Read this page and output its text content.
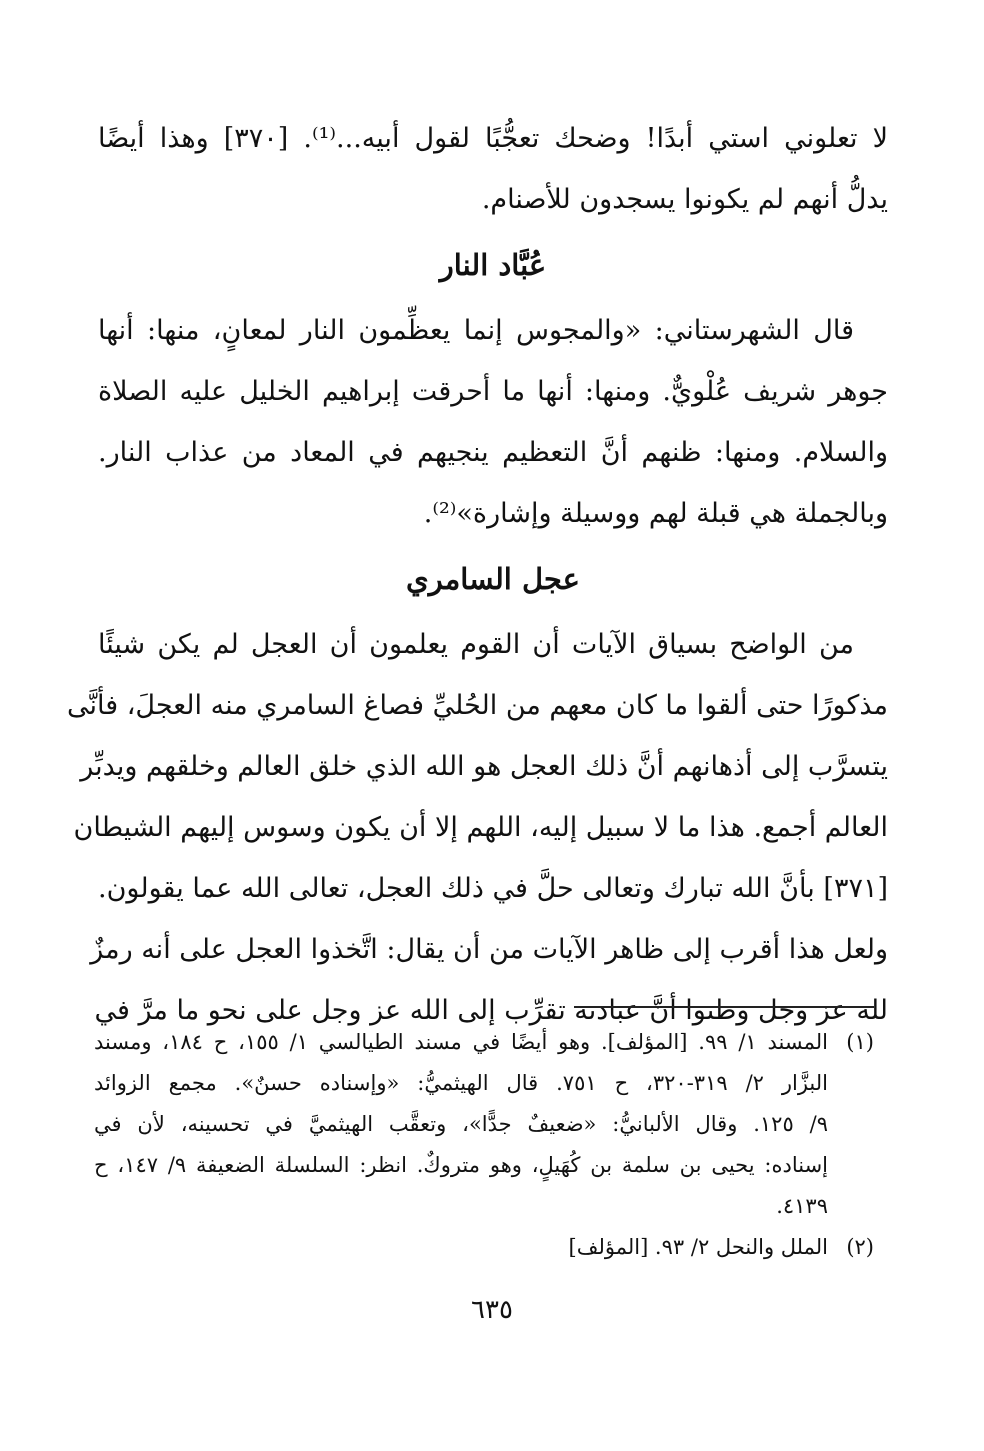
لا تعلوني استي أبدًا! وضحك تعجُّبًا لقول أبيه...⁽¹⁾. [٣٧٠] وهذا أيضًا
يدلُّ أنهم لم يكونوا يسجدون للأصنام.
عُبَّاد النار
قال الشهرستاني: «والمجوس إنما يعظِّمون النار لمعانٍ، منها: أنها
جوهر شريف عُلْويٌّ. ومنها: أنها ما أحرقت إبراهيم الخليل عليه الصلاة
والسلام. ومنها: ظنهم أنَّ التعظيم ينجيهم في المعاد من عذاب النار.
وبالجملة هي قبلة لهم ووسيلة وإشارة»⁽²⁾.
عجل السامري
من الواضح بسياق الآيات أن القوم يعلمون أن العجل لم يكن شيئًا
مذكورًا حتى ألقوا ما كان معهم من الحُليِّ فصاغ السامري منه العجلَ، فأنَّى
يتسرَّب إلى أذهانهم أنَّ ذلك العجل هو الله الذي خلق العالم وخلقهم ويدبِّر
العالم أجمع. هذا ما لا سبيل إليه، اللهم إلا أن يكون وسوس إليهم الشيطان
[٣٧١] بأنَّ الله تبارك وتعالى حلَّ في ذلك العجل، تعالى الله عما يقولون.
ولعل هذا أقرب إلى ظاهر الآيات من أن يقال: اتَّخذوا العجل على أنه رمزٌ
لله عز وجل وظنوا أنَّ عبادته تقرِّب إلى الله عز وجل على نحو ما مرَّ في
(١)المسند ١/ ٩٩. [المؤلف]. وهو أيضًا في مسند الطيالسي ١/ ١٥٥، ح ١٨٤، ومسند
البزَّار ٢/ ٣١٩-٣٢٠، ح ٧٥١. قال الهيثميُّ: «وإسناده حسنٌ». مجمع الزوائد
٩/ ١٢٥. وقال الألبانيُّ: «ضعيفٌ جدًّا»، وتعقَّب الهيثميَّ في تحسينه، لأن في
إسناده: يحيى بن سلمة بن كُهَيلٍ، وهو متروكٌ. انظر: السلسلة الضعيفة ٩/ ١٤٧، ح
٤١٣٩.
(٢)الملل والنحل ٢/ ٩٣. [المؤلف]
٦٣٥
